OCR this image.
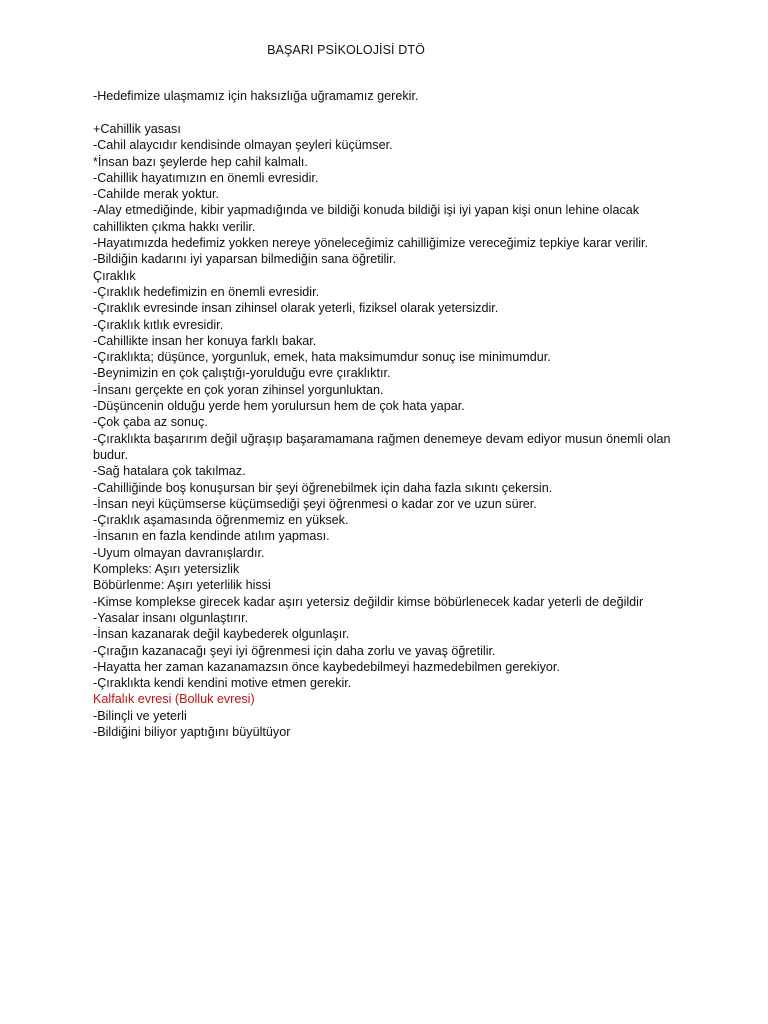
BAŞARI PSİKOLOJİSİ DTÖ
-Hedefimize ulaşmamız için haksızlığa uğramamız gerekir.
+Cahillik yasası
-Cahil alaycıdır kendisinde olmayan şeyleri küçümser.
*İnsan bazı şeylerde hep cahil kalmalı.
-Cahillik hayatımızın en önemli evresidir.
-Cahilde merak yoktur.
-Alay etmediğinde, kibir yapmadığında ve bildiği konuda bildiği işi iyi yapan kişi onun lehine olacak cahillikten çıkma hakkı verilir.
-Hayatımızda hedefimiz yokken nereye yöneleceğimiz cahilliğimize vereceğimiz tepkiye karar verilir.
-Bildiğin kadarını iyi yaparsan bilmediğin sana öğretilir.
Çıraklık
-Çıraklık hedefimizin en önemli evresidir.
-Çıraklık evresinde insan zihinsel olarak yeterli, fiziksel olarak yetersizdir.
-Çıraklık kıtlık evresidir.
-Cahillikte insan her konuya farklı bakar.
-Çıraklıkta; düşünce, yorgunluk, emek, hata maksimumdur sonuç ise minimumdur.
-Beynimizin en çok çalıştığı-yorulduğu evre çıraklıktır.
-İnsanı gerçekte en çok yoran zihinsel yorgunluktan.
-Düşüncenin olduğu yerde hem yorulursun hem de çok hata yapar.
-Çok çaba az sonuç.
-Çıraklıkta başarırım değil uğraşıp başaramamana rağmen denemeye devam ediyor musun önemli olan budur.
-Sağ hatalara çok takılmaz.
-Cahilliğinde boş konuşursan bir şeyi öğrenebilmek için daha fazla sıkıntı çekersin.
-İnsan neyi küçümserse küçümsediği şeyi öğrenmesi o kadar zor ve uzun sürer.
-Çıraklık aşamasında öğrenmemiz en yüksek.
-İnsanın en fazla kendinde atılım yapması.
-Uyum olmayan davranışlardır.
Kompleks: Aşırı yetersizlik
Böbürlenme: Aşırı yeterlilik hissi
-Kimse komplekse girecek kadar aşırı yetersiz değildir kimse böbürlenecek kadar yeterli de değildir
-Yasalar insanı olgunlaştırır.
-İnsan kazanarak değil kaybederek olgunlaşır.
-Çırağın kazanacağı şeyi iyi öğrenmesi için daha zorlu ve yavaş öğretilir.
-Hayatta her zaman kazanamazsın önce kaybedebilmeyi hazmedebilmen gerekiyor.
-Çıraklıkta kendi kendini motive etmen gerekir.
Kalfalık evresi (Bolluk evresi)
-Bilinçli ve yeterli
-Bildiğini biliyor yaptığını büyültüyor
